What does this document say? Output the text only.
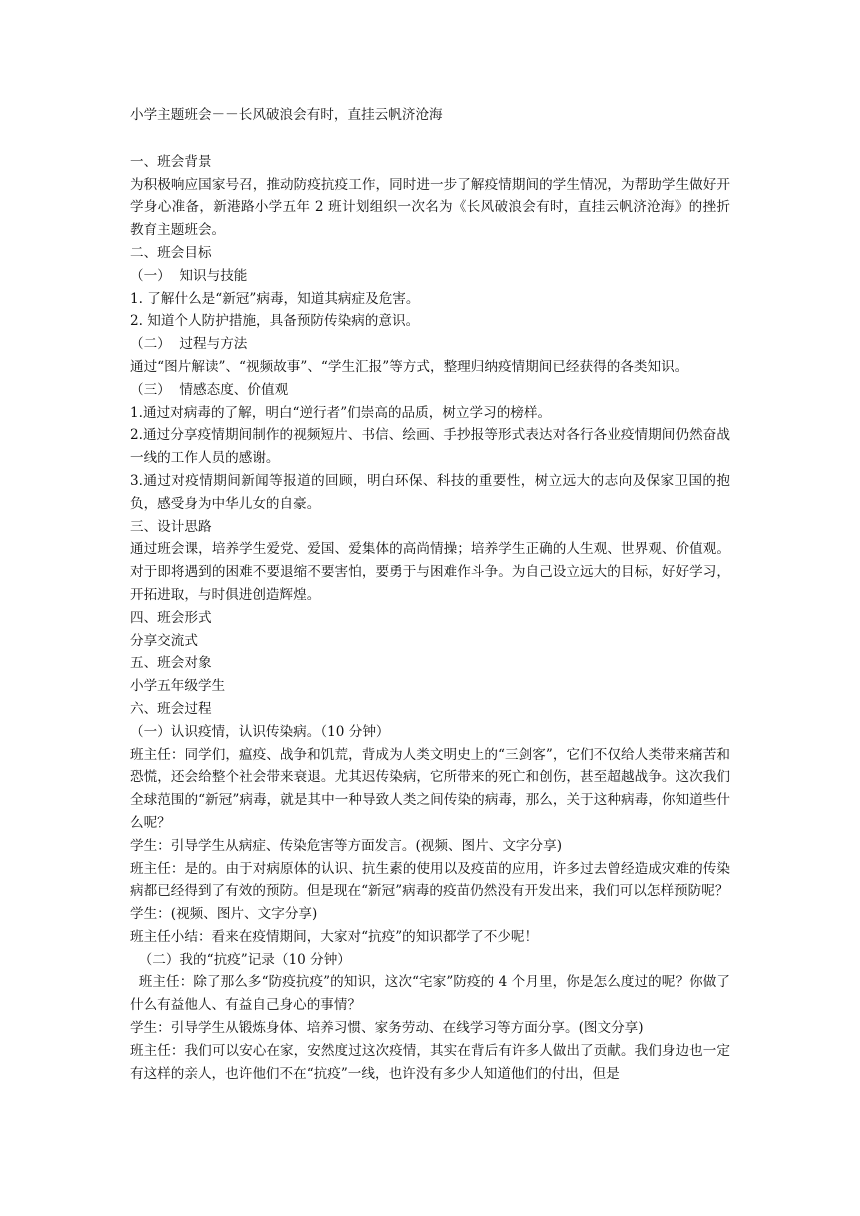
小学主题班会－－长风破浪会有时，直挂云帆济沧海

一、班会背景

为积极响应国家号召，推动防疫抗疫工作，同时进一步了解疫情期间的学生情况，为帮助学生做好开学身心准备，新港路小学五年 2 班计划组织一次名为《长风破浪会有时，直挂云帆济沧海》的挫折教育主题班会。

二、班会目标

（一）  知识与技能

1. 了解什么是“新冠”病毒，知道其病症及危害。

2. 知道个人防护措施，具备预防传染病的意识。

（二）  过程与方法

通过“图片解读”、“视频故事”、“学生汇报”等方式，整理归纳疫情期间已经获得的各类知识。

（三）  情感态度、价值观

1.通过对病毒的了解，明白“逆行者”们崇高的品质，树立学习的榜样。

2.通过分享疫情期间制作的视频短片、书信、绘画、手抄报等形式表达对各行各业疫情期间仍然奋战一线的工作人员的感谢。

3.通过对疫情期间新闻等报道的回顾，明白环保、科技的重要性，树立远大的志向及保家卫国的抱负，感受身为中华儿女的自豪。

三、设计思路

通过班会课，培养学生爱党、爱国、爱集体的高尚情操；培养学生正确的人生观、世界观、价值观。对于即将遇到的困难不要退缩不要害怕，要勇于与困难作斗争。为自己设立远大的目标，好好学习，开拓进取，与时俱进创造辉煌。

四、班会形式

分享交流式

五、班会对象

小学五年级学生

六、班会过程

（一）认识疫情，认识传染病。（10 分钟）

班主任：同学们，瘟疫、战争和饥荒，背成为人类文明史上的“三剑客”，它们不仅给人类带来痛苦和恐慌，还会给整个社会带来衰退。尤其迟传染病，它所带来的死亡和创伤，甚至超越战争。这次我们全球范围的“新冠”病毒，就是其中一种导致人类之间传染的病毒，那么，关于这种病毒，你知道些什么呢？

学生：引导学生从病症、传染危害等方面发言。(视频、图片、文字分享)

班主任：是的。由于对病原体的认识、抗生素的使用以及疫苗的应用，许多过去曾经造成灾难的传染病都已经得到了有效的预防。但是现在“新冠”病毒的疫苗仍然没有开发出来，我们可以怎样预防呢？

学生：(视频、图片、文字分享)

班主任小结：看来在疫情期间，大家对“抗疫”的知识都学了不少呢！

（二）我的“抗疫”记录（10 分钟）

班主任：除了那么多“防疫抗疫”的知识，这次“宅家”防疫的 4 个月里，你是怎么度过的呢？你做了什么有益他人、有益自己身心的事情？

学生：引导学生从锻炼身体、培养习惯、家务劳动、在线学习等方面分享。(图文分享)

班主任：我们可以安心在家，安然度过这次疫情，其实在背后有许多人做出了贡献。我们身边也一定有这样的亲人，也许他们不在“抗疫”一线，也许没有多少人知道他们的付出，但是
